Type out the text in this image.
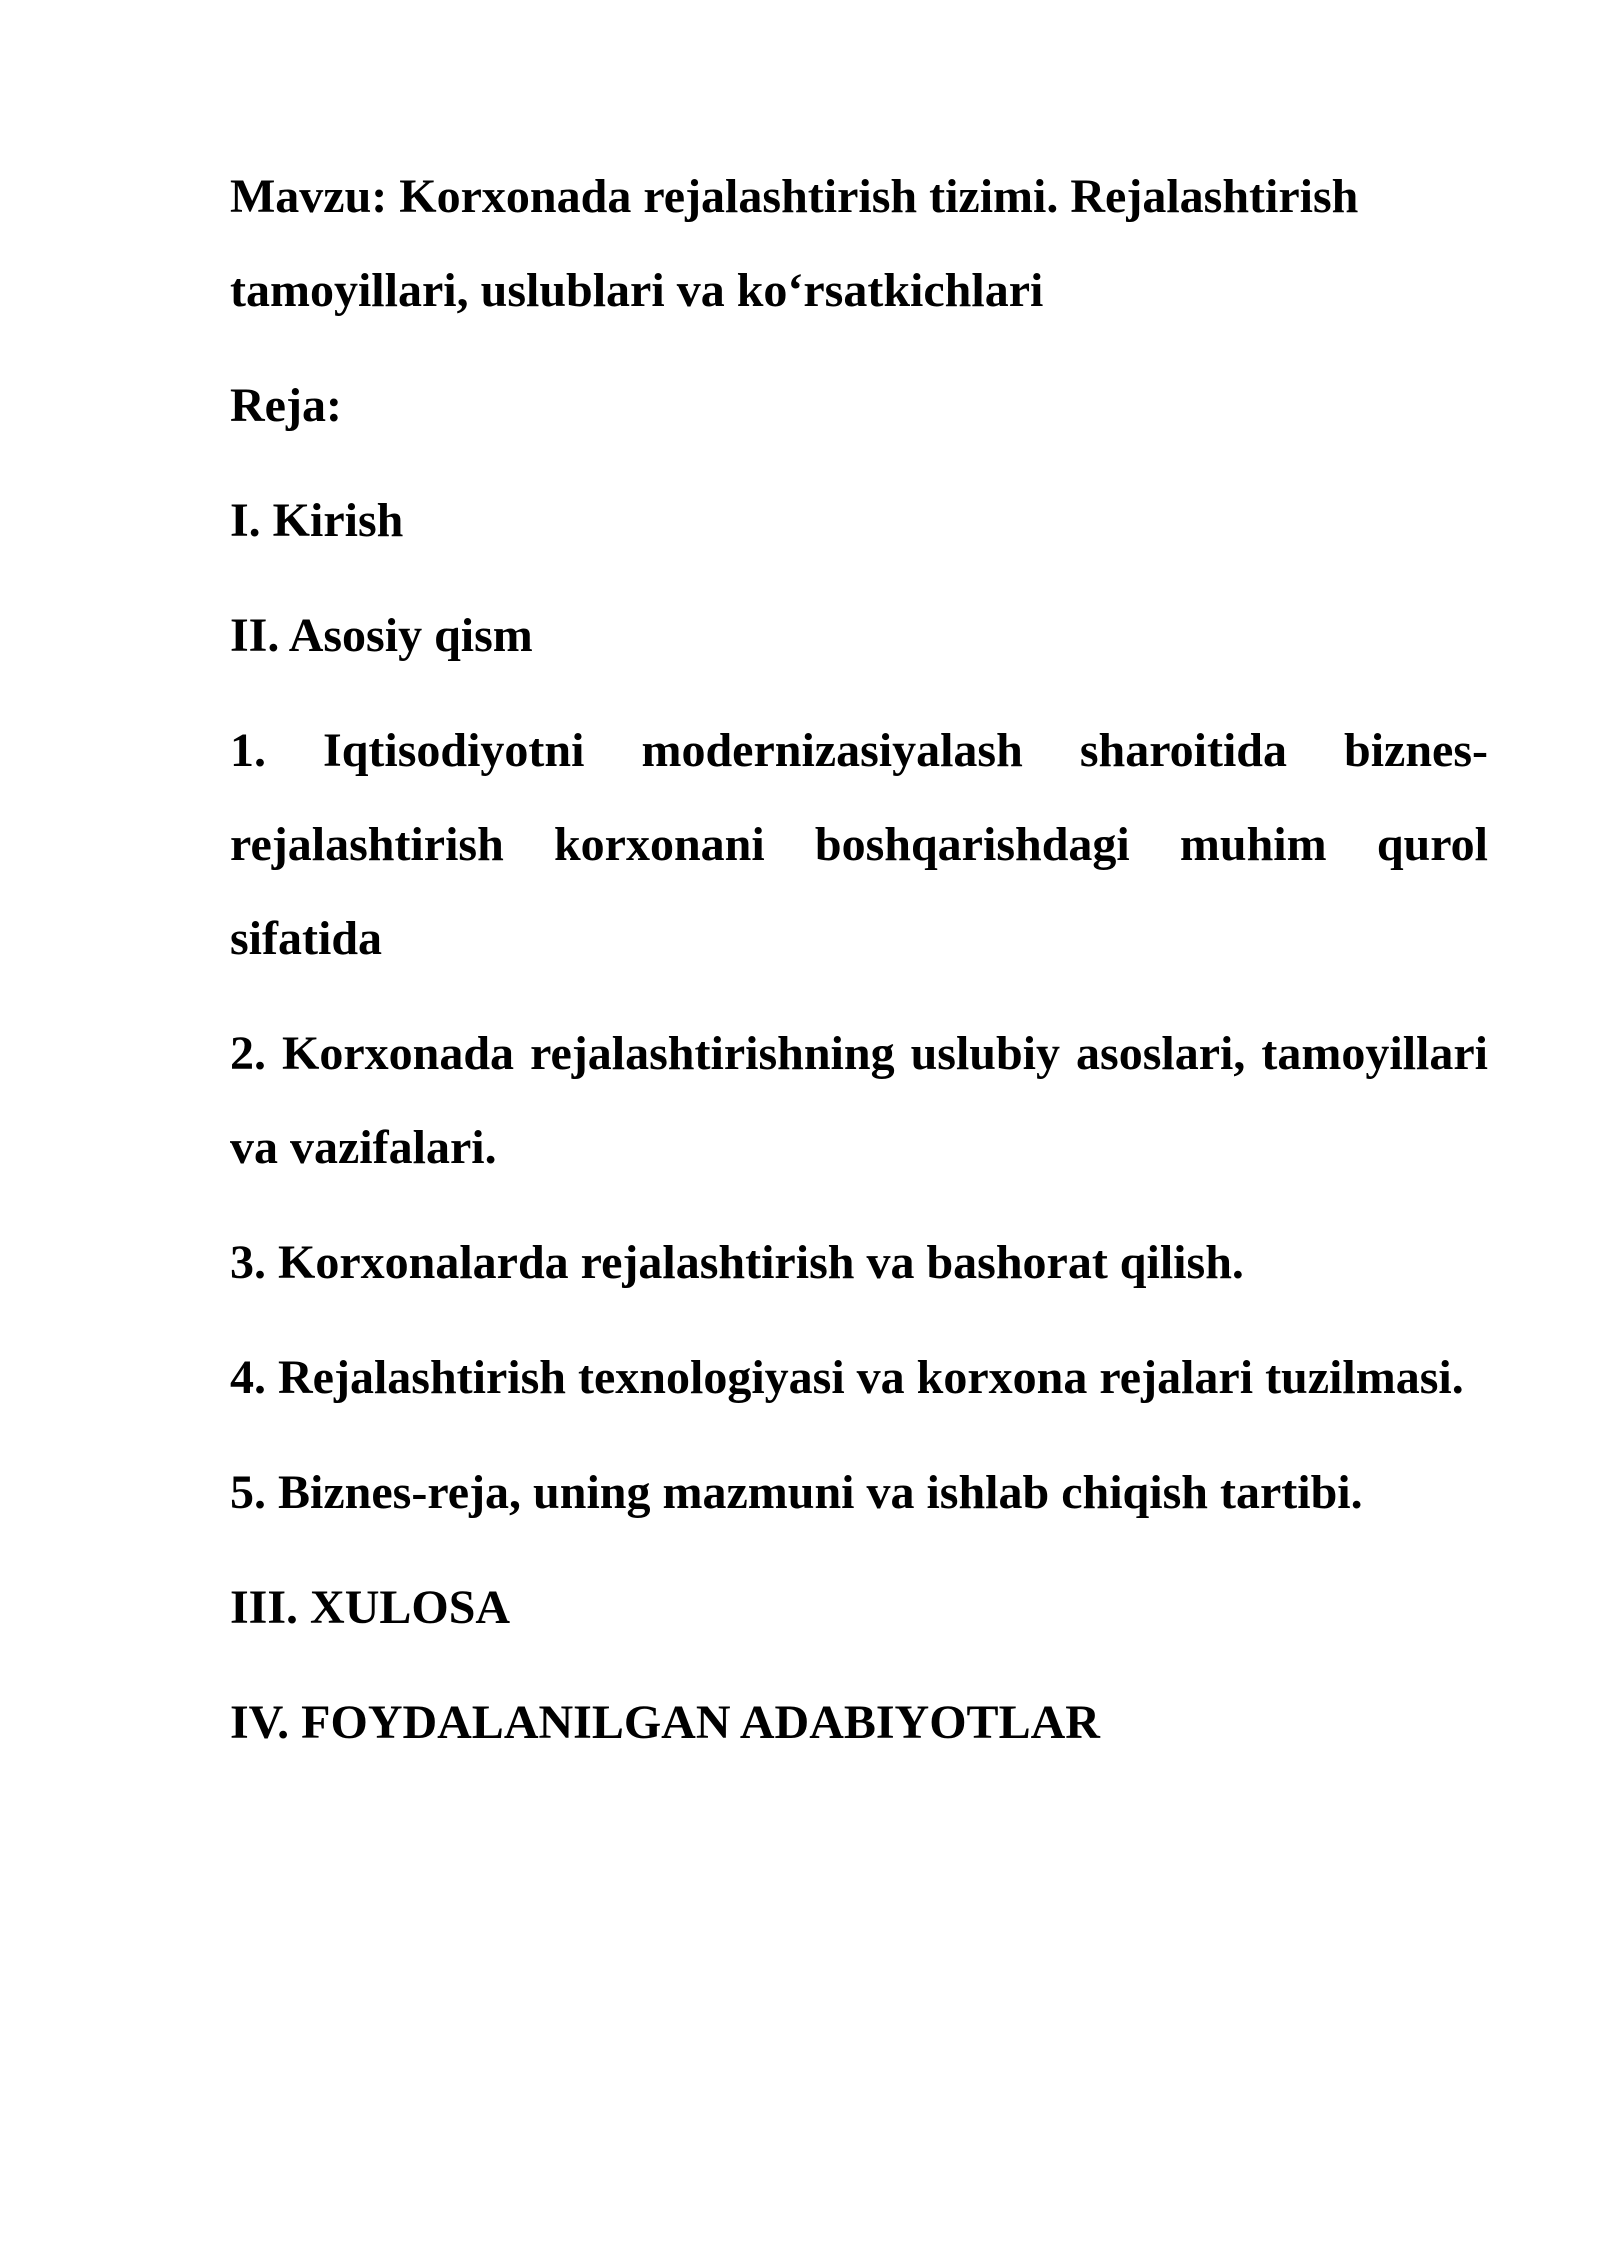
Mavzu: Korxonada rejalashtirish tizimi. Rejalashtirish tamoyillari, uslublari va ko‘rsatkichlari

Reja:

I. Kirish

II. Asosiy qism

1. Iqtisodiyotni modernizasiyalash sharoitida biznes-rejalashtirish korxonani boshqarishdagi muhim qurol sifatida

2. Korxonada rejalashtirishning uslubiy asoslari, tamoyillari va vazifalari.

3. Korxonalarda rejalashtirish va bashorat qilish.

4. Rejalashtirish texnologiyasi va korxona rejalari tuzilmasi.

5. Biznes-reja, uning mazmuni va ishlab chiqish tartibi.

III. XULOSA

IV. FOYDALANILGAN ADABIYOTLAR
